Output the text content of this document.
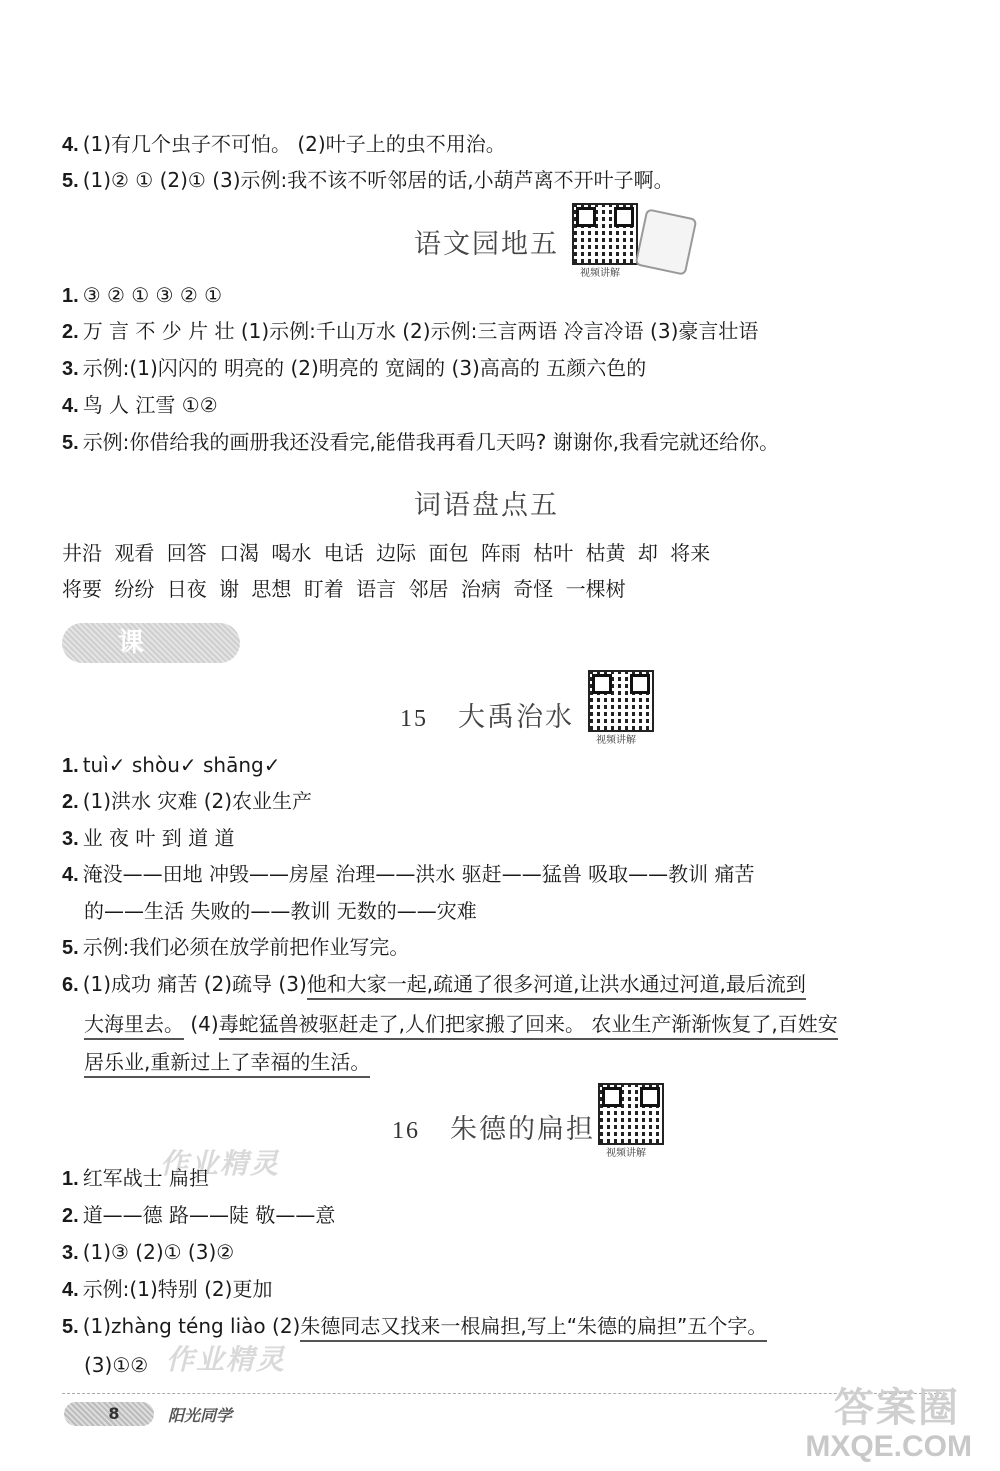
4. (1)有几个虫子不可怕。 (2)叶子上的虫不用治。
5. (1)② ① (2)① (3)示例:我不该不听邻居的话,小葫芦离不开叶子啊。
语文园地五
视频讲解
1. ③ ② ① ③ ② ①
2. 万 言 不 少 片 壮 (1)示例:千山万水 (2)示例:三言两语 冷言冷语 (3)豪言壮语
3. 示例:(1)闪闪的 明亮的 (2)明亮的 宽阔的 (3)高高的 五颜六色的
4. 鸟 人 江雪 ①②
5. 示例:你借给我的画册我还没看完,能借我再看几天吗? 谢谢你,我看完就还给你。
词语盘点五
井沿 观看 回答 口渴 喝水 电话 边际 面包 阵雨 枯叶 枯黄 却 将来
将要 纷纷 日夜 谢 思想 盯着 语言 邻居 治病 奇怪 一棵树
课 文
15 大禹治水
视频讲解
1. tuì✓ shòu✓ shāng✓
2. (1)洪水 灾难 (2)农业生产
3. 业 夜 叶 到 道 道
4. 淹没——田地 冲毁——房屋 治理——洪水 驱赶——猛兽 吸取——教训 痛苦
的——生活 失败的——教训 无数的——灾难
5. 示例:我们必须在放学前把作业写完。
6. (1)成功 痛苦 (2)疏导 (3)他和大家一起,疏通了很多河道,让洪水通过河道,最后流到
大海里去。 (4)毒蛇猛兽被驱赶走了,人们把家搬了回来。 农业生产渐渐恢复了,百姓安
居乐业,重新过上了幸福的生活。
16 朱德的扁担
视频讲解
作业精灵
1. 红军战士 扁担
2. 道——德 路——陡 敬——意
3. (1)③ (2)① (3)②
4. 示例:(1)特别 (2)更加
5. (1)zhàng téng liào (2)朱德同志又找来一根扁担,写上“朱德的扁担”五个字。
(3)①② 作业精灵
8	阳光同学	答案圈
MXQE.COM
